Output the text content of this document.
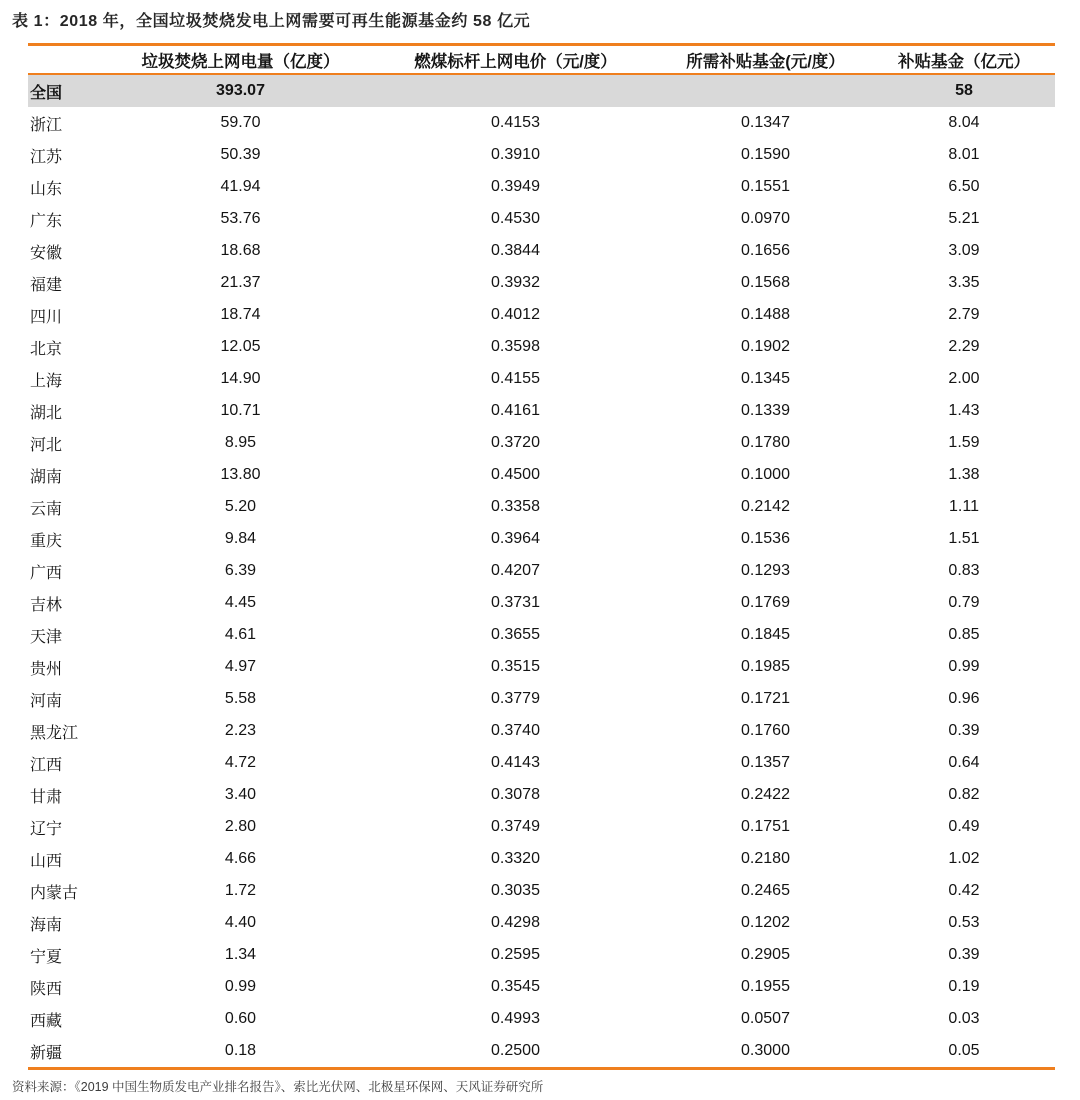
表 1：2018 年，全国垃圾焚烧发电上网需要可再生能源基金约 58 亿元
	垃圾焚烧上网电量（亿度）	燃煤标杆上网电价（元/度）	所需补贴基金(元/度）	补贴基金（亿元）
全国	393.07			58
浙江	59.70	0.4153	0.1347	8.04
江苏	50.39	0.3910	0.1590	8.01
山东	41.94	0.3949	0.1551	6.50
广东	53.76	0.4530	0.0970	5.21
安徽	18.68	0.3844	0.1656	3.09
福建	21.37	0.3932	0.1568	3.35
四川	18.74	0.4012	0.1488	2.79
北京	12.05	0.3598	0.1902	2.29
上海	14.90	0.4155	0.1345	2.00
湖北	10.71	0.4161	0.1339	1.43
河北	8.95	0.3720	0.1780	1.59
湖南	13.80	0.4500	0.1000	1.38
云南	5.20	0.3358	0.2142	1.11
重庆	9.84	0.3964	0.1536	1.51
广西	6.39	0.4207	0.1293	0.83
吉林	4.45	0.3731	0.1769	0.79
天津	4.61	0.3655	0.1845	0.85
贵州	4.97	0.3515	0.1985	0.99
河南	5.58	0.3779	0.1721	0.96
黑龙江	2.23	0.3740	0.1760	0.39
江西	4.72	0.4143	0.1357	0.64
甘肃	3.40	0.3078	0.2422	0.82
辽宁	2.80	0.3749	0.1751	0.49
山西	4.66	0.3320	0.2180	1.02
内蒙古	1.72	0.3035	0.2465	0.42
海南	4.40	0.4298	0.1202	0.53
宁夏	1.34	0.2595	0.2905	0.39
陕西	0.99	0.3545	0.1955	0.19
西藏	0.60	0.4993	0.0507	0.03
新疆	0.18	0.2500	0.3000	0.05
资料来源：《2019 中国生物质发电产业排名报告》、索比光伏网、北极星环保网、天风证券研究所
